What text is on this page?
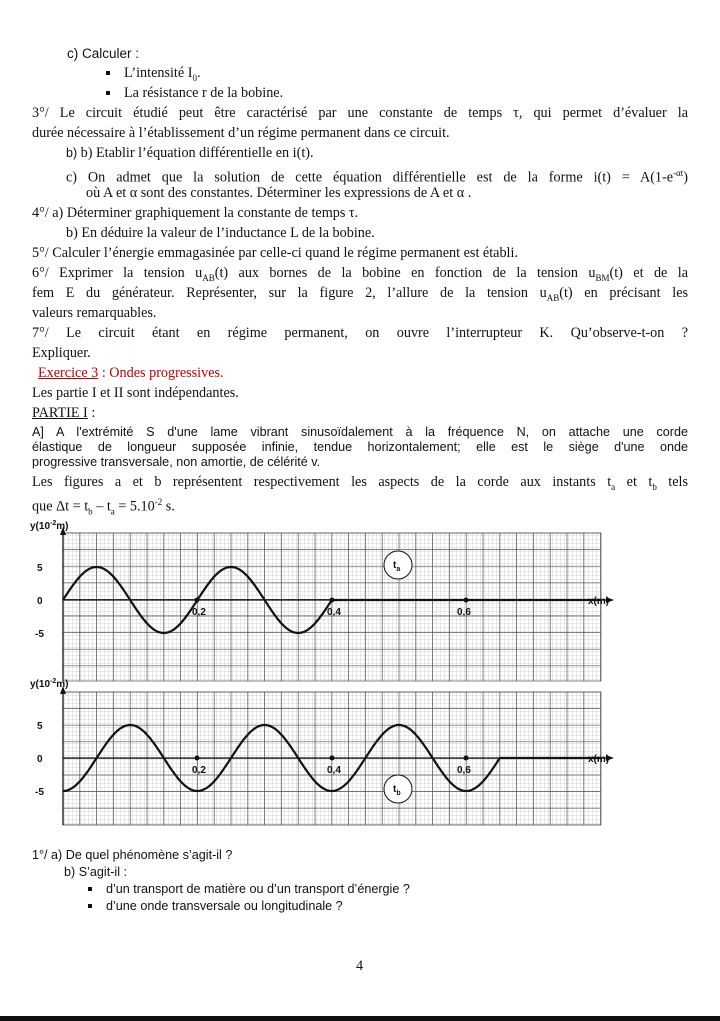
c) Calculer :
L’intensité $I_0$.
La résistance r de la bobine.
3°/ Le circuit étudié peut être caractérisé par une constante de temps τ, qui permet d’évaluer la
durée nécessaire à l’établissement d’un régime permanent dans ce circuit.
b) b) Etablir l’équation différentielle en i(t).
c) On admet que la solution de cette équation différentielle est de la forme $i(t) = A(1-e^{-\alpha t})$
où A et α sont des constantes. Déterminer les expressions de A et α .
4°/ a) Déterminer graphiquement la constante de temps τ.
b) En déduire la valeur de l’inductance L de la bobine.
5°/ Calculer l’énergie emmagasinée par celle-ci quand le régime permanent est établi.
6°/ Exprimer la tension $u_{AB}(t)$ aux bornes de la bobine en fonction de la tension $u_{BM}(t)$ et de la
fem E du générateur. Représenter, sur la figure 2, l’allure de la tension $u_{AB}(t)$ en précisant les
valeurs remarquables.
7°/ Le circuit étant en régime permanent, on ouvre l’interrupteur K. Qu’observe-t-on ?
Expliquer.
Exercice 3 : Ondes progressives.
Les partie I et II sont indépendantes.
PARTIE I :
A] A l'extrémité S d'une lame vibrant sinusoïdalement à la fréquence N, on attache une corde
élastique de longueur supposée infinie, tendue horizontalement; elle est le siège d'une onde
progressive transversale, non amortie, de célérité v.
Les figures a et b représentent respectivement les aspects de la corde aux instants $t_a$ et $t_b$ tels
que $\Delta t = t_b - t_a = 5.10^{-2}$ s.
$y(10^{-2}m)$
5
0
-5
x(m)
0,2	0,4	0,6
$t_a$
$y(10^{-2}m)$
5
0
-5
x(m)
0,2	0,4	0,6
$t_b$
1°/ a) De quel phénomène s’agit-il ?
b) S’agit-il :
d’un transport de matière ou d’un transport d’énergie ?
d’une onde transversale ou longitudinale ?
4
